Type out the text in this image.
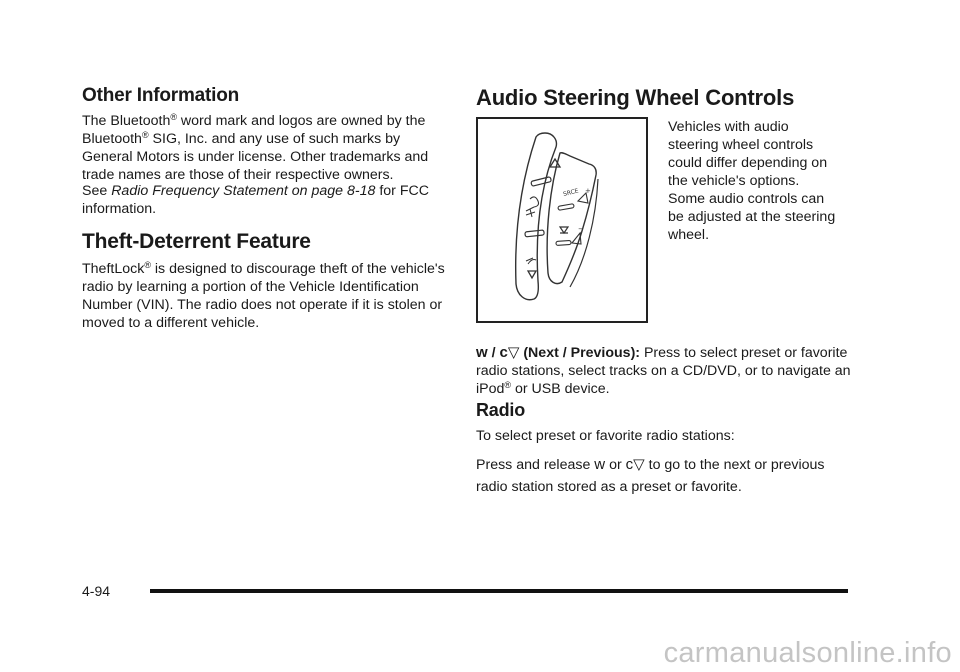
Other Information

The Bluetooth® word mark and logos are owned by the Bluetooth® SIG, Inc. and any use of such marks by General Motors is under license. Other trademarks and trade names are those of their respective owners.

See Radio Frequency Statement on page 8-18 for FCC information.

Theft-Deterrent Feature

TheftLock® is designed to discourage theft of the vehicle's radio by learning a portion of the Vehicle Identification Number (VIN). The radio does not operate if it is stolen or moved to a different vehicle.

Audio Steering Wheel Controls
SRCE +
−

Vehicles with audio steering wheel controls could differ depending on the vehicle's options. Some audio controls can be adjusted at the steering wheel.

w / c▽ (Next / Previous): Press to select preset or favorite radio stations, select tracks on a CD/DVD, or to navigate an iPod® or USB device.

Radio

To select preset or favorite radio stations:

Press and release w or c▽ to go to the next or previous radio station stored as a preset or favorite.

4-94
carmanualsonline.info
